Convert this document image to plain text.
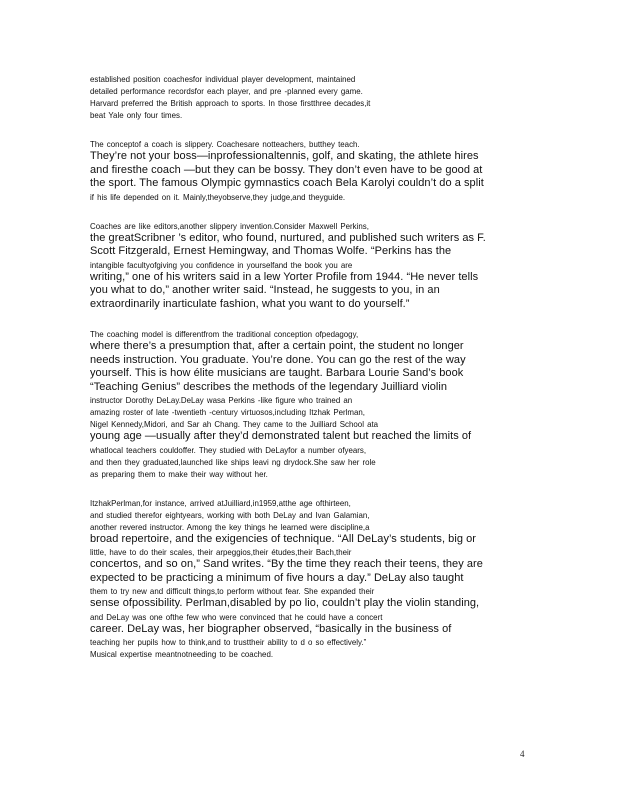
established position coachesfor individual player development, maintained
detailed performance recordsfor each player, and pre -planned every game.
Harvard preferred the British approach to sports. In those firstthree decades,it
beat Yale only four times.

The conceptof a coach is slippery. Coachesare notteachers, butthey teach.
They’re not your boss—inprofessionaltennis, golf, and skating, the athlete hires
and firesthe coach —but they can be bossy. They don’t even have to be good at
the sport. The famous Olympic gymnastics coach Bela Karolyi couldn’t do a split
if his life depended on it. Mainly,theyobserve,they judge,and theyguide.

Coaches are like editors,another slippery invention.Consider Maxwell Perkins,
the greatScribner ’s editor, who found, nurtured, and published such writers as F.
Scott Fitzgerald, Ernest Hemingway, and Thomas Wolfe. “Perkins has the
intangible facultyofgiving you confidence in yourselfand the book you are
writing,” one of his writers said in a lew Yorter Profile from 1944. “He never tells
you what to do,” another writer said. “Instead, he suggests to you, in an
extraordinarily inarticulate fashion, what you want to do yourself.”

The coaching model is differentfrom the traditional conception ofpedagogy,
where there’s a presumption that, after a certain point, the student no longer
needs instruction. You graduate. You’re done. You can go the rest of the way
yourself. This is how élite musicians are taught. Barbara Lourie Sand’s book
“Teaching Genius” describes the methods of the legendary Juilliard violin
instructor Dorothy DeLay.DeLay wasa Perkins -like figure who trained an
amazing roster of late -twentieth -century virtuosos,including Itzhak Perlman,
Nigel Kennedy,Midori, and Sar ah Chang. They came to the Juilliard School ata
young age —usually after they’d demonstrated talent but reached the limits of
whatlocal teachers couldoffer. They studied with DeLayfor a number ofyears,
and then they graduated,launched like ships leavi ng drydock.She saw her role
as preparing them to make their way without her.

ItzhakPerlman,for instance, arrived atJuilliard,in1959,atthe age ofthirteen,
and studied therefor eightyears, working with both DeLay and Ivan Galamian,
another revered instructor. Among the key things he learned were discipline,a
broad repertoire, and the exigencies of technique. “All DeLay’s students, big or
little, have to do their scales, their arpeggios,their études,their Bach,their
concertos, and so on,” Sand writes. “By the time they reach their teens, they are
expected to be practicing a minimum of five hours a day.” DeLay also taught
them to try new and difficult things,to perform without fear. She expanded their
sense ofpossibility. Perlman,disabled by po lio, couldn’t play the violin standing,
and DeLay was one ofthe few who were convinced that he could have a concert
career. DeLay was, her biographer observed, “basically in the business of
teaching her pupils how to think,and to trusttheir ability to d o so effectively.”
Musical expertise meantnotneeding to be coached.

4
